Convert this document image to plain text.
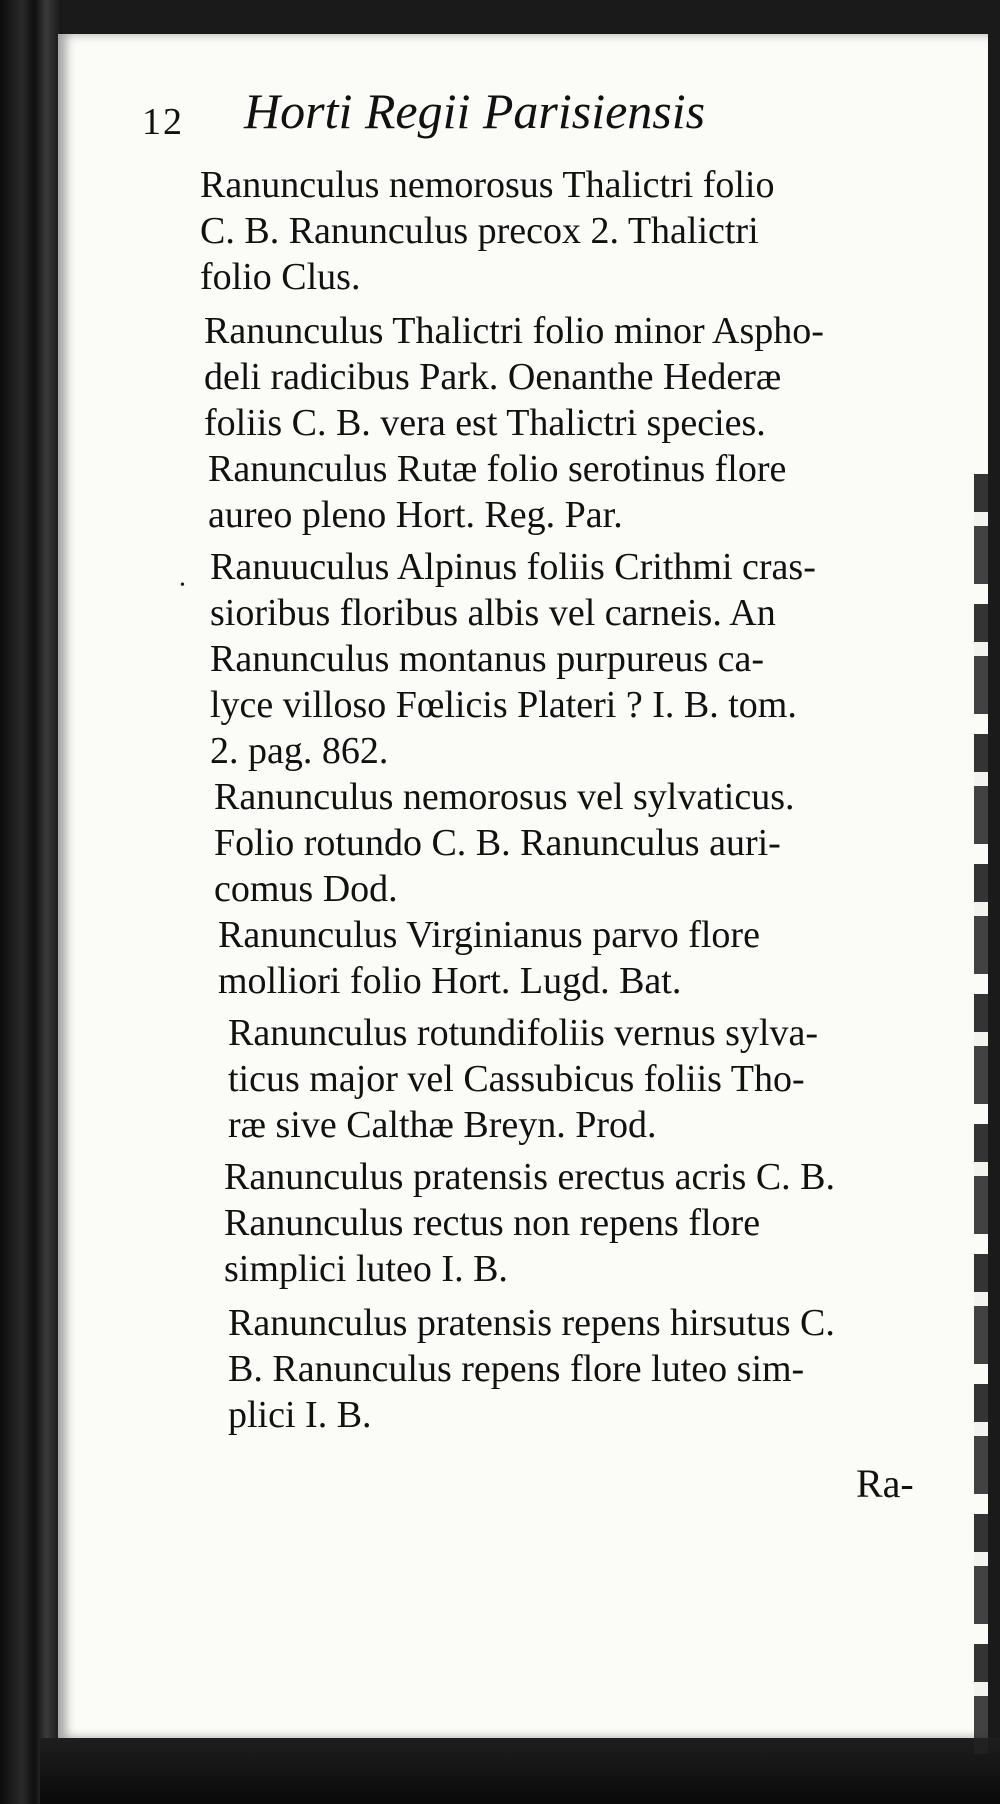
12 Horti Regii Parisiensis
•
Ranunculus nemorosus Thalictri folio
C. B. Ranunculus precox 2. Thalictri
folio Clus.
Ranunculus Thalictri folio minor Aspho-
deli radicibus Park. Oenanthe Hederæ
foliis C. B. vera est Thalictri species.
Ranunculus Rutæ folio serotinus flore
aureo pleno Hort. Reg. Par.
Ranuuculus Alpinus foliis Crithmi cras-
sioribus floribus albis vel carneis. An
Ranunculus montanus purpureus ca-
lyce villoso Fœlicis Plateri ? I. B. tom.
2. pag. 862.
Ranunculus nemorosus vel sylvaticus.
Folio rotundo C. B. Ranunculus auri-
comus Dod.
Ranunculus Virginianus parvo flore
molliori folio Hort. Lugd. Bat.
Ranunculus rotundifoliis vernus sylva-
ticus major vel Cassubicus foliis Tho-
ræ sive Calthæ Breyn. Prod.
Ranunculus pratensis erectus acris C. B.
Ranunculus rectus non repens flore
simplici luteo I. B.
Ranunculus pratensis repens hirsutus C.
B. Ranunculus repens flore luteo sim-
plici I. B.
Ra-
